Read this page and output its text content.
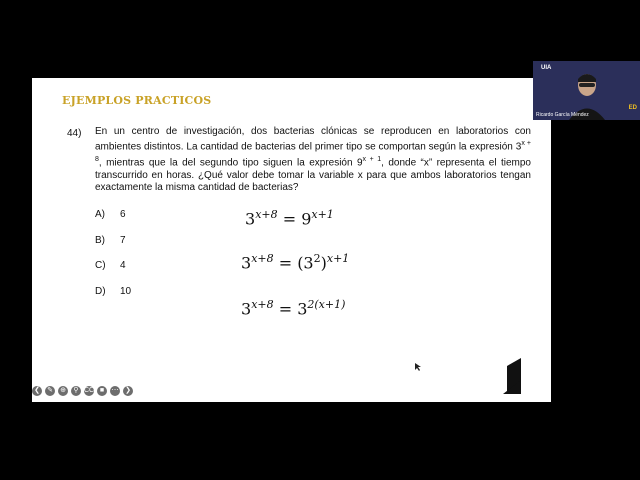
EJEMPLOS PRACTICOS
44) En un centro de investigación, dos bacterias clónicas se reproducen en laboratorios con ambientes distintos. La cantidad de bacterias del primer tipo se comportan según la expresión $3^{x + 8}$, mientras que la del segundo tipo siguen la expresión $9^{x + 1}$, donde “x” representa el tiempo transcurrido en horas. ¿Qué valor debe tomar la variable x para que ambos laboratorios tengan exactamente la misma cantidad de bacterias?
A) 6
B) 7
C) 4
D) 10
$3^{x+8} = 9^{x+1}$
$3^{x+8} = (3^2)^{x+1}$
$3^{x+8} = 3^{2(x+1)}$
❮ ✎ ⊕	⚲ CC ■	⋯ ❯
UIA
ED
Ricardo García Méndez
